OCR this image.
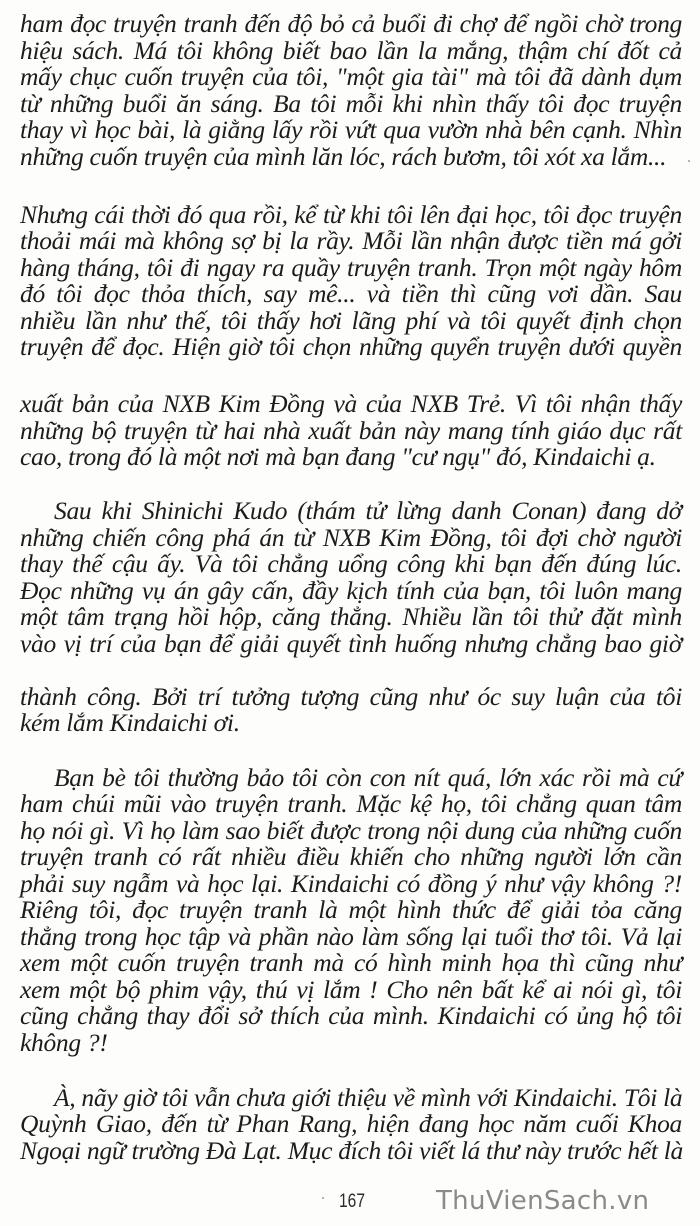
ham đọc truyện tranh đến độ bỏ cả buổi đi chợ để ngồi chờ trong
hiệu sách. Má tôi không biết bao lần la mắng, thậm chí đốt cả
mấy chục cuốn truyện của tôi, "một gia tài" mà tôi đã dành dụm
từ những buổi ăn sáng. Ba tôi mỗi khi nhìn thấy tôi đọc truyện
thay vì học bài, là giằng lấy rồi vứt qua vườn nhà bên cạnh. Nhìn
những cuốn truyện của mình lăn lóc, rách bươm, tôi xót xa lắm...
Nhưng cái thời đó qua rồi, kể từ khi tôi lên đại học, tôi đọc truyện
thoải mái mà không sợ bị la rầy. Mỗi lần nhận được tiền má gởi
hàng tháng, tôi đi ngay ra quầy truyện tranh. Trọn một ngày hôm
đó tôi đọc thỏa thích, say mê... và tiền thì cũng vơi dần. Sau
nhiều lần như thế, tôi thấy hơi lãng phí và tôi quyết định chọn
truyện để đọc. Hiện giờ tôi chọn những quyển truyện dưới quyền
xuất bản của NXB Kim Đồng và của NXB Trẻ. Vì tôi nhận thấy
những bộ truyện từ hai nhà xuất bản này mang tính giáo dục rất
cao, trong đó là một nơi mà bạn đang "cư ngụ" đó, Kindaichi ạ.
Sau khi Shinichi Kudo (thám tử lừng danh Conan) đang dở
những chiến công phá án từ NXB Kim Đồng, tôi đợi chờ người
thay thế cậu ấy. Và tôi chẳng uổng công khi bạn đến đúng lúc.
Đọc những vụ án gây cấn, đầy kịch tính của bạn, tôi luôn mang
một tâm trạng hồi hộp, căng thẳng. Nhiều lần tôi thử đặt mình
vào vị trí của bạn để giải quyết tình huống nhưng chẳng bao giờ
thành công. Bởi trí tưởng tượng cũng như óc suy luận của tôi
kém lắm Kindaichi ơi.
Bạn bè tôi thường bảo tôi còn con nít quá, lớn xác rồi mà cứ
ham chúi mũi vào truyện tranh. Mặc kệ họ, tôi chẳng quan tâm
họ nói gì. Vì họ làm sao biết được trong nội dung của những cuốn
truyện tranh có rất nhiều điều khiến cho những người lớn cần
phải suy ngẫm và học lại. Kindaichi có đồng ý như vậy không ?!
Riêng tôi, đọc truyện tranh là một hình thức để giải tỏa căng
thẳng trong học tập và phần nào làm sống lại tuổi thơ tôi. Vả lại
xem một cuốn truyện tranh mà có hình minh họa thì cũng như
xem một bộ phim vậy, thú vị lắm ! Cho nên bất kể ai nói gì, tôi
cũng chẳng thay đổi sở thích của mình. Kindaichi có ủng hộ tôi
không ?!
À, nãy giờ tôi vẫn chưa giới thiệu về mình với Kindaichi. Tôi là
Quỳnh Giao, đến từ Phan Rang, hiện đang học năm cuối Khoa
Ngoại ngữ trường Đà Lạt. Mục đích tôi viết lá thư này trước hết là
167	ThuVienSach.vn
